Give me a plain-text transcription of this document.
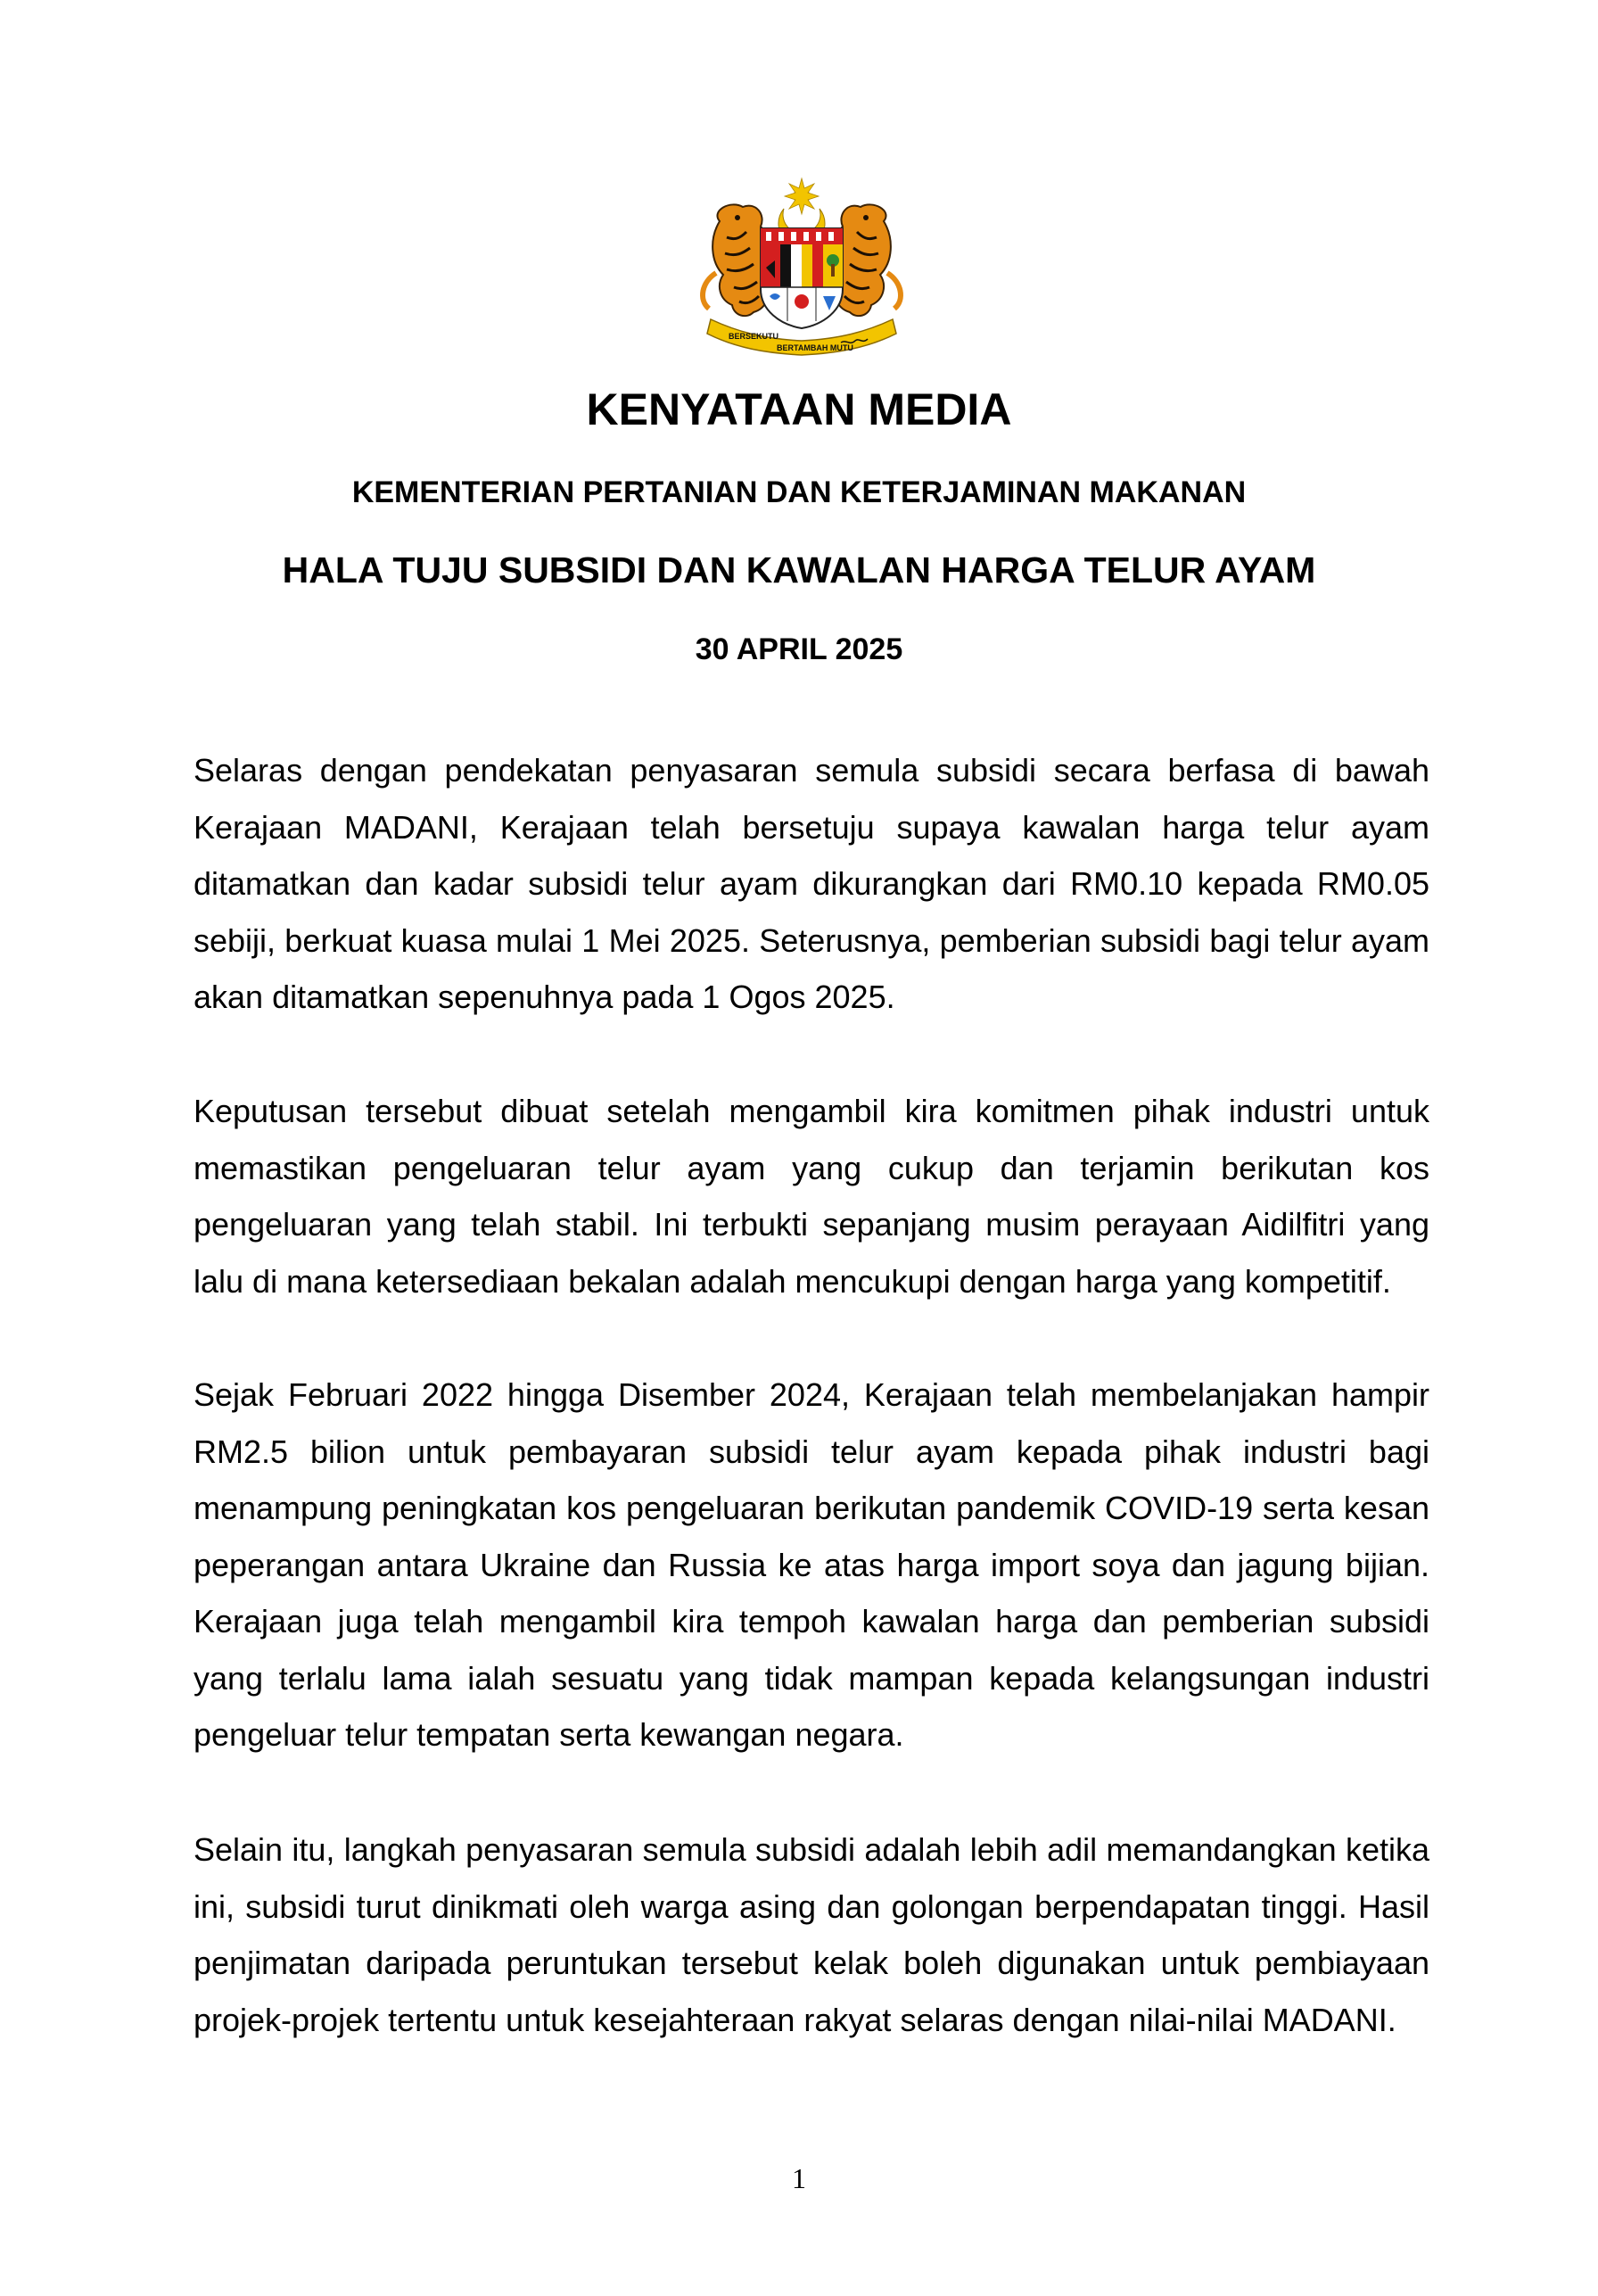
BERSEKUTU
BERTAMBAH MUTU
KENYATAAN MEDIA
KEMENTERIAN PERTANIAN DAN KETERJAMINAN MAKANAN
HALA TUJU SUBSIDI DAN KAWALAN HARGA TELUR AYAM
30 APRIL 2025

Selaras dengan pendekatan penyasaran semula subsidi secara berfasa di bawah Kerajaan MADANI, Kerajaan telah bersetuju supaya kawalan harga telur ayam ditamatkan dan kadar subsidi telur ayam dikurangkan dari RM0.10 kepada RM0.05 sebiji, berkuat kuasa mulai 1 Mei 2025. Seterusnya, pemberian subsidi bagi telur ayam akan ditamatkan sepenuhnya pada 1 Ogos 2025.

Keputusan tersebut dibuat setelah mengambil kira komitmen pihak industri untuk memastikan pengeluaran telur ayam yang cukup dan terjamin berikutan kos pengeluaran yang telah stabil. Ini terbukti sepanjang musim perayaan Aidilfitri yang lalu di mana ketersediaan bekalan adalah mencukupi dengan harga yang kompetitif.

Sejak Februari 2022 hingga Disember 2024, Kerajaan telah membelanjakan hampir RM2.5 bilion untuk pembayaran subsidi telur ayam kepada pihak industri bagi menampung peningkatan kos pengeluaran berikutan pandemik COVID-19 serta kesan peperangan antara Ukraine dan Russia ke atas harga import soya dan jagung bijian. Kerajaan juga telah mengambil kira tempoh kawalan harga dan pemberian subsidi yang terlalu lama ialah sesuatu yang tidak mampan kepada kelangsungan industri pengeluar telur tempatan serta kewangan negara.

Selain itu, langkah penyasaran semula subsidi adalah lebih adil memandangkan ketika ini, subsidi turut dinikmati oleh warga asing dan golongan berpendapatan tinggi. Hasil penjimatan daripada peruntukan tersebut kelak boleh digunakan untuk pembiayaan projek-projek tertentu untuk kesejahteraan rakyat selaras dengan nilai-nilai MADANI.

1
